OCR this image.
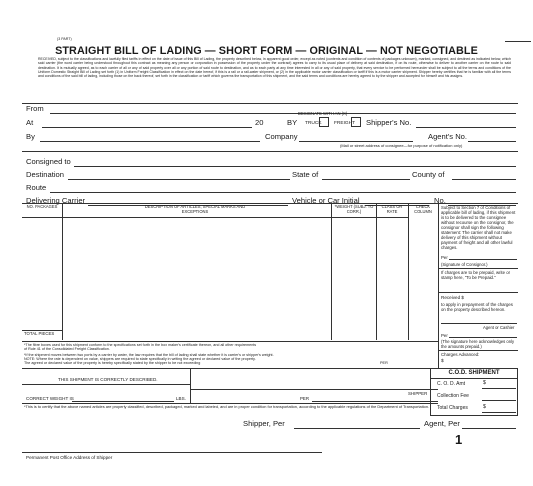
(3 PART)
STRAIGHT BILL OF LADING — SHORT FORM — ORIGINAL — NOT NEGOTIABLE
RECEIVED, subject to the classifications and lawfully filed tariffs in effect on the date of issue of this Bill of Lading, the property described below, in apparent good order, except as noted (contents and condition of contents of packages unknown), marked, consigned, and destined as indicated below, which said carrier (the word carrier being understood throughout this contract as meaning any person or corporation in possession of the property under the contract) agrees to carry to its usual place of delivery at said destination, if on its route, otherwise to deliver to another carrier on the route to said destination. It is mutually agreed, as to each carrier of all or any of said property over all or any portion of said route to destination, and as to each party at any time interested in all or any of said property, that every service to be performed hereunder shall be subject to all the terms and conditions of the Uniform Domestic Straight Bill of Lading set forth (1) in Uniform Freight Classification in effect on the date hereof, if this is a rail or a rail-water shipment, or (2) in the applicable motor carrier classification or tariff if this is a motor carrier shipment. Shipper hereby certifies that he is familiar with all the terms and conditions of the said bill of lading, including those on the back thereof, set forth in the classification or tariff which governs the transportation of this shipment, and the said terms and conditions are hereby agreed to by the shipper and accepted for himself and his assigns.
From
DESIGNATE WITH AN (X)
At	20	BY TRUCK	FREIGHT Shipper's No.
By	Company	Agent's No.
(Mail or street address of consignee—for purpose of notification only)
Consigned to
Destination	State of	County of
Route
Delivering Carrier	Vehicle or Car Initial	No.
NO. PACKAGES	DESCRIPTION OF ARTICLES, SPECIAL MARKS AND EXCEPTIONS
*WEIGHT (SUBJ. TO CORR.)
CLASS OR RATE
CHECK COLUMN
TOTAL PIECES
Subject to Section 7 of Conditions of applicable bill of lading, if this shipment is to be delivered to the consignee without recourse on the consignor, the consignor shall sign the following statement: The carrier shall not make delivery of this shipment without payment of freight and all other lawful charges.
Per
(Signature of Consignor.)
If charges are to be prepaid, write or stamp here, "To be Prepaid."
Received $
to apply in prepayment of the charges on the property described hereon.
Agent or Cashier
Per
(The signature here acknowledges only the amounts prepaid.)
Charges Advanced:
$
*The fibre boxes used for this shipment conform to the specifications set forth in the box maker's certificate thereon, and all other requirements
of Rule 41 of the Consolidated Freight Classification.
*If the shipment moves between two ports by a carrier by water, the law requires that the bill of lading shall state whether it is carrier's or shipper's weight.
NOTE: Where the rate is dependent on value, shippers are required to state specifically in writing the agreed or declared value of the property.
The agreed or declared value of the property is hereby specifically stated by the shipper to be not exceeding	PER
THIS SHIPMENT IS CORRECTLY DESCRIBED.
CORRECT WEIGHT IS	LBS.
SHIPPER
PER
*This is to certify that the above named articles are properly classified, described, packaged, marked and labeled, and are in proper condition for transportation, according to the applicable regulations of the Department of Transportation.
C.O.D. SHIPMENT
C. O. D. Amt	$
Collection Fee
Total Charges	$
Shipper, Per	Agent, Per
1
Permanent Post Office Address of Shipper
